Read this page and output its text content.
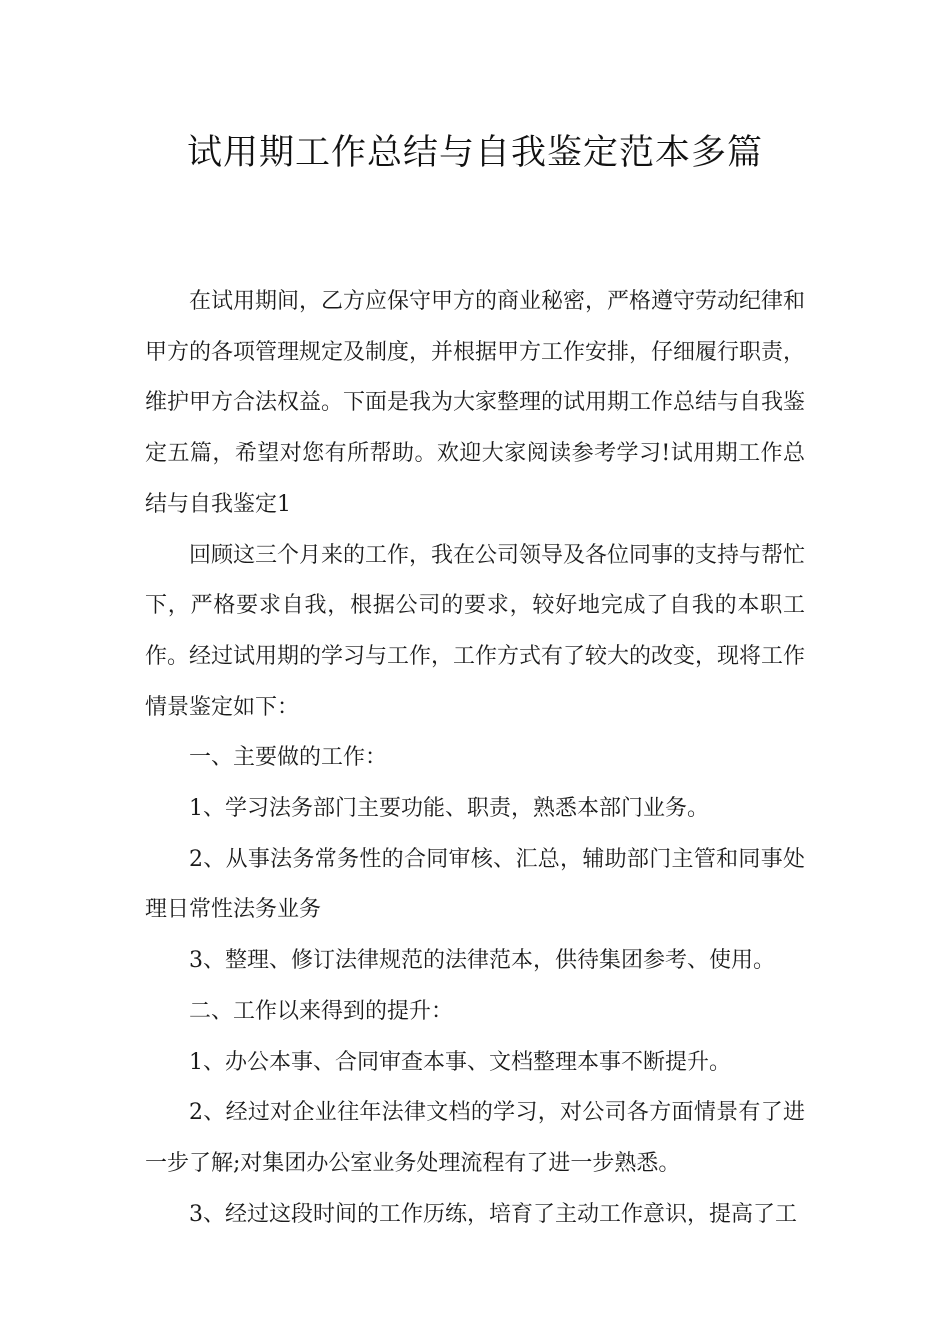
试用期工作总结与自我鉴定范本多篇

在试用期间，乙方应保守甲方的商业秘密，严格遵守劳动纪律和甲方的各项管理规定及制度，并根据甲方工作安排，仔细履行职责，维护甲方合法权益。下面是我为大家整理的试用期工作总结与自我鉴定五篇，希望对您有所帮助。欢迎大家阅读参考学习!试用期工作总结与自我鉴定1

回顾这三个月来的工作，我在公司领导及各位同事的支持与帮忙下，严格要求自我，根据公司的要求，较好地完成了自我的本职工作。经过试用期的学习与工作，工作方式有了较大的改变，现将工作情景鉴定如下：

一、主要做的工作：

1、学习法务部门主要功能、职责，熟悉本部门业务。

2、从事法务常务性的合同审核、汇总，辅助部门主管和同事处理日常性法务业务

3、整理、修订法律规范的法律范本，供待集团参考、使用。

二、工作以来得到的提升：

1、办公本事、合同审查本事、文档整理本事不断提升。

2、经过对企业往年法律文档的学习，对公司各方面情景有了进一步了解;对集团办公室业务处理流程有了进一步熟悉。

3、经过这段时间的工作历练，培育了主动工作意识，提高了工
